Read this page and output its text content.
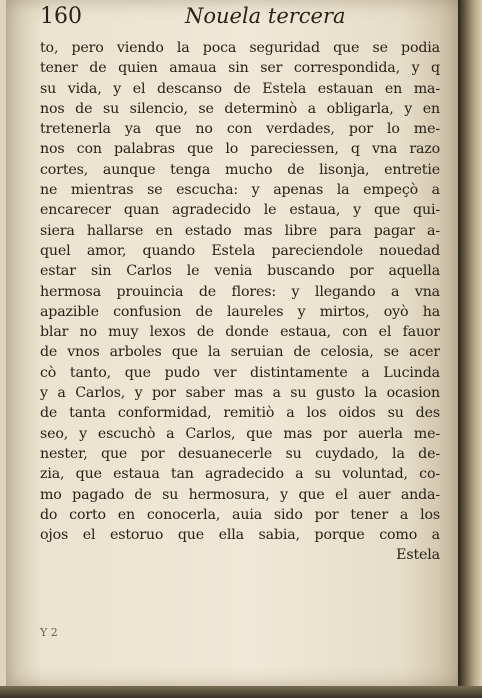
160	Nouela tercera
to, pero viendo la poca seguridad que se podia
tener de quien amaua sin ser correspondida, y q
su vida, y el descanso de Estela estauan en ma-
nos de su silencio, se determinò a obligarla, y en
tretenerla ya que no con verdades, por lo me-
nos con palabras que lo pareciessen, q vna razo
cortes, aunque tenga mucho de lisonja, entretie
ne mientras se escucha: y apenas la empeçò a
encarecer quan agradecido le estaua, y que qui-
siera hallarse en estado mas libre para pagar a-
quel amor, quando Estela pareciendole nouedad
estar sin Carlos le venia buscando por aquella
hermosa prouincia de flores: y llegando a vna
apazible confusion de laureles y mirtos, oyò ha
blar no muy lexos de donde estaua, con el fauor
de vnos arboles que la seruian de celosia, se acer
cò tanto, que pudo ver distintamente a Lucinda
y a Carlos, y por saber mas a su gusto la ocasion
de tanta conformidad, remitiò a los oidos su des
seo, y escuchò a Carlos, que mas por auerla me-
nester, que por desuanecerle su cuydado, la de-
zia, que estaua tan agradecido a su voluntad, co-
mo pagado de su hermosura, y que el auer anda-
do corto en conocerla, auia sido por tener a los
ojos el estoruo que ella sabia, porque como a
Estela
Y 2
